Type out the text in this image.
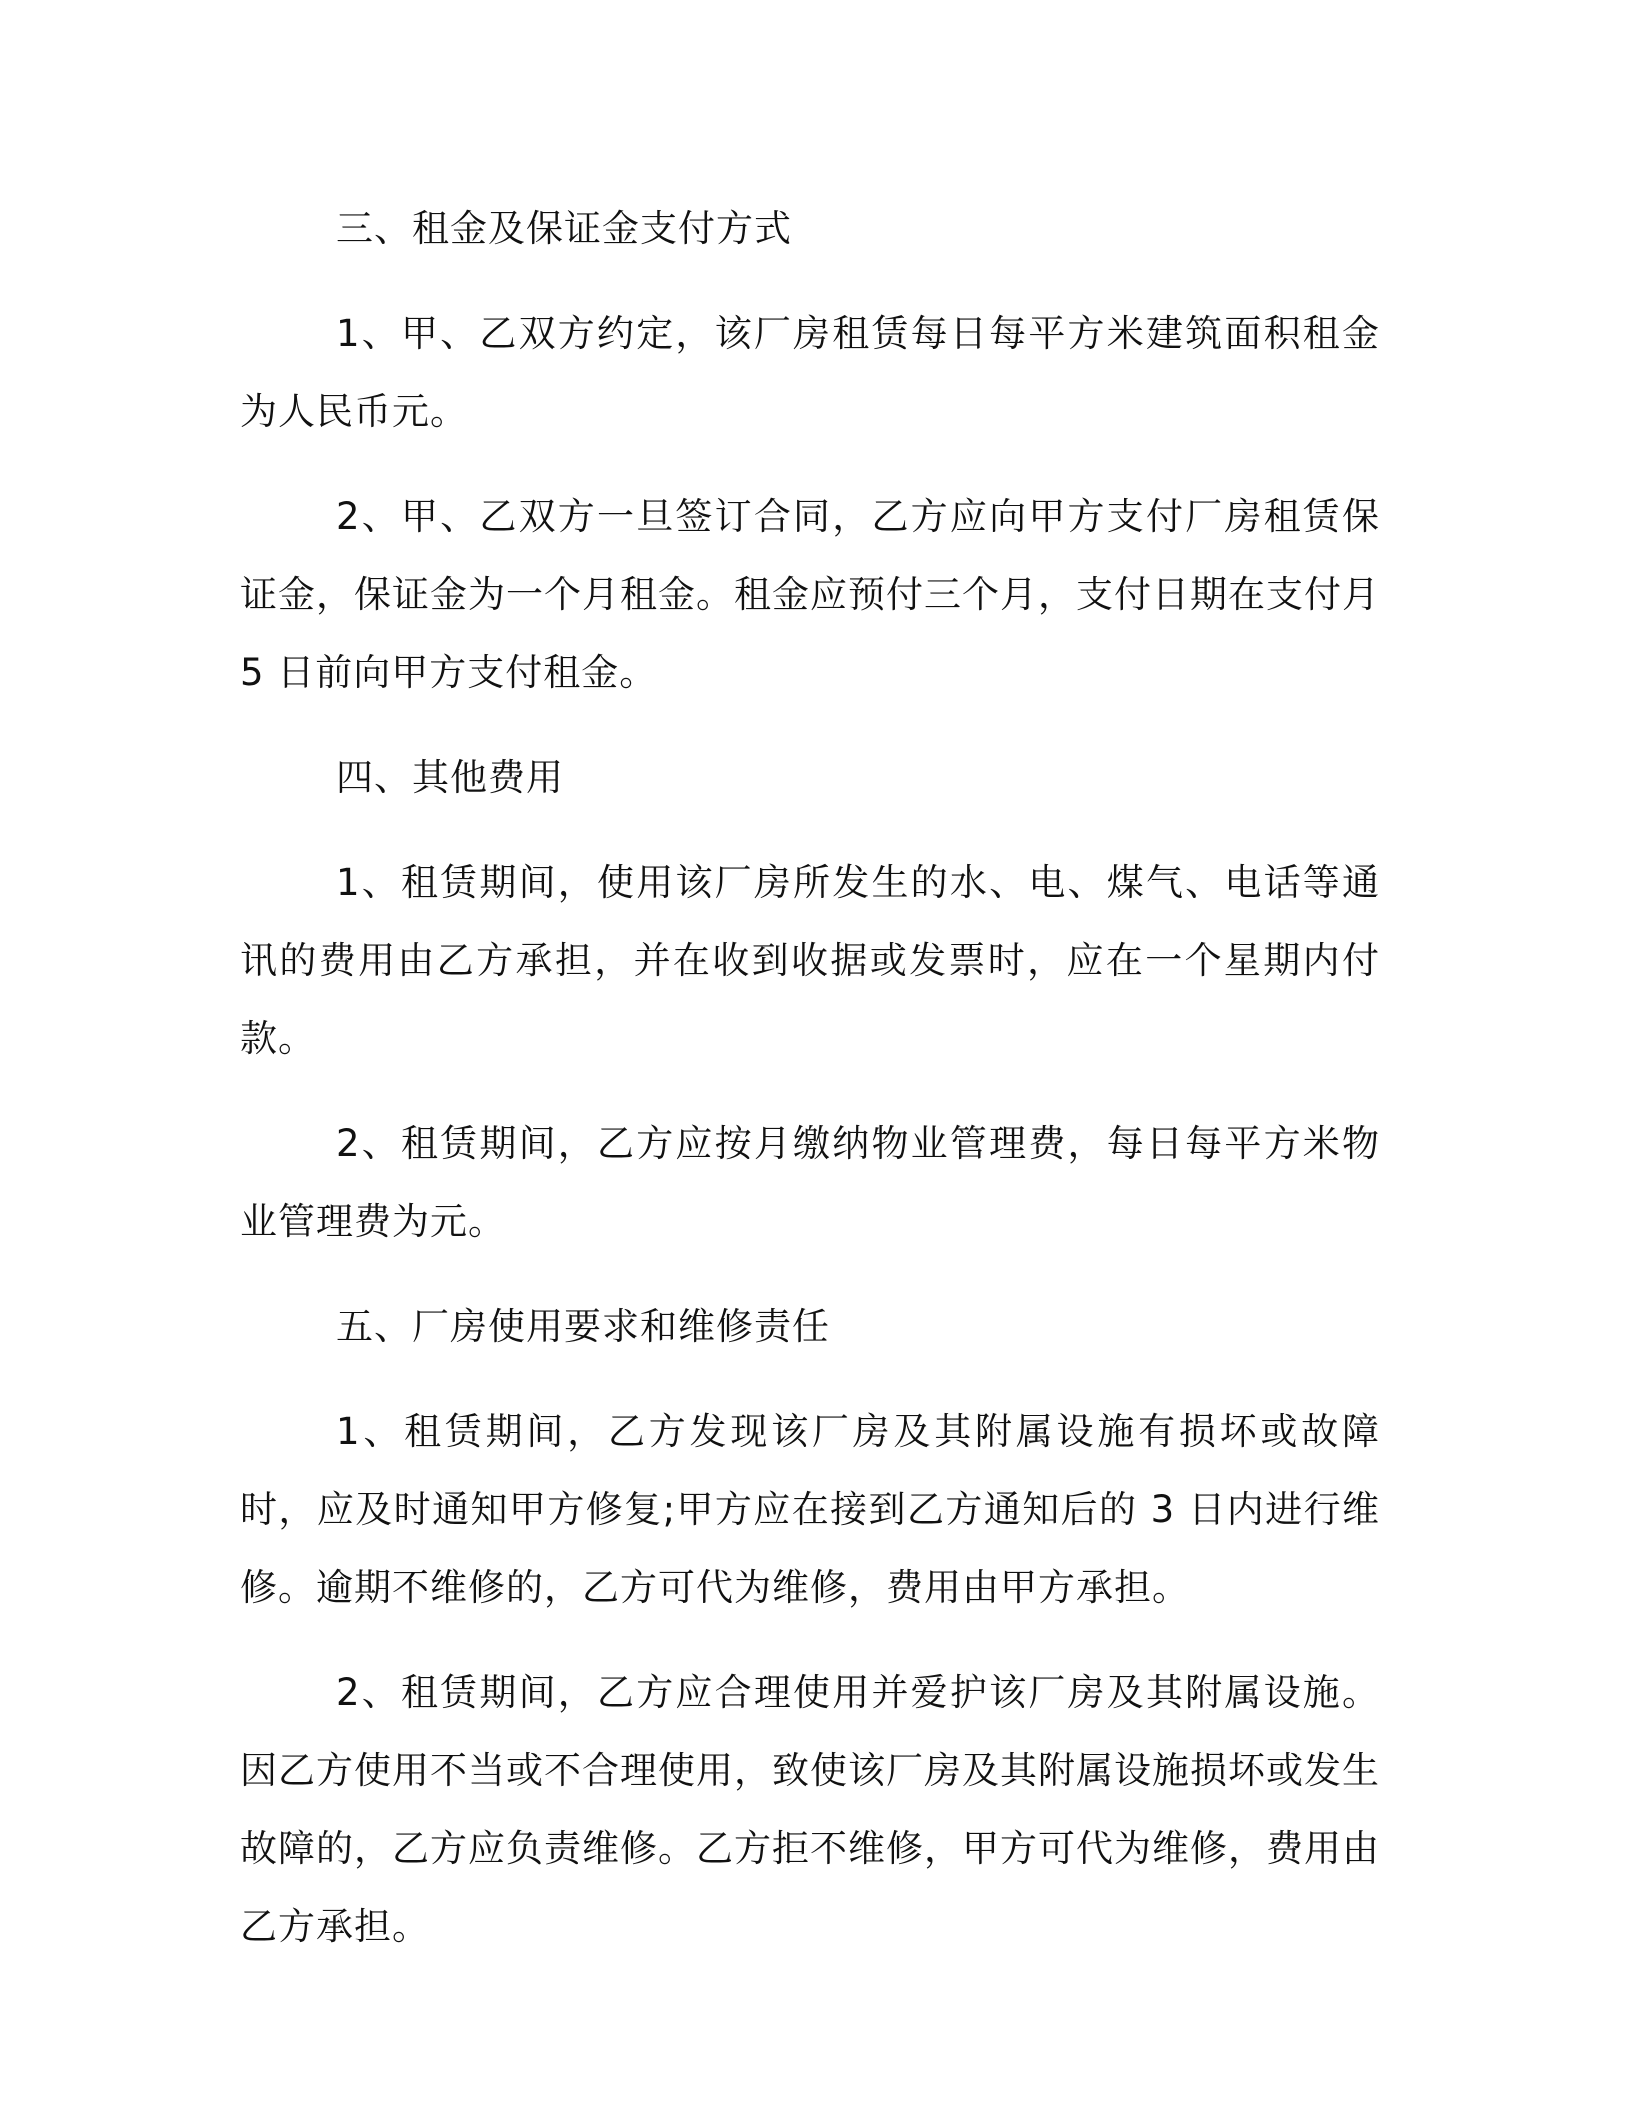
三、租金及保证金支付方式

1、甲、乙双方约定，该厂房租赁每日每平方米建筑面积租金为人民币元。

2、甲、乙双方一旦签订合同，乙方应向甲方支付厂房租赁保证金，保证金为一个月租金。租金应预付三个月，支付日期在支付月 5 日前向甲方支付租金。

四、其他费用

1、租赁期间，使用该厂房所发生的水、电、煤气、电话等通讯的费用由乙方承担，并在收到收据或发票时，应在一个星期内付款。

2、租赁期间，乙方应按月缴纳物业管理费，每日每平方米物业管理费为元。

五、厂房使用要求和维修责任

1、租赁期间，乙方发现该厂房及其附属设施有损坏或故障时，应及时通知甲方修复;甲方应在接到乙方通知后的 3 日内进行维修。逾期不维修的，乙方可代为维修，费用由甲方承担。

2、租赁期间，乙方应合理使用并爱护该厂房及其附属设施。因乙方使用不当或不合理使用，致使该厂房及其附属设施损坏或发生故障的，乙方应负责维修。乙方拒不维修，甲方可代为维修，费用由乙方承担。
